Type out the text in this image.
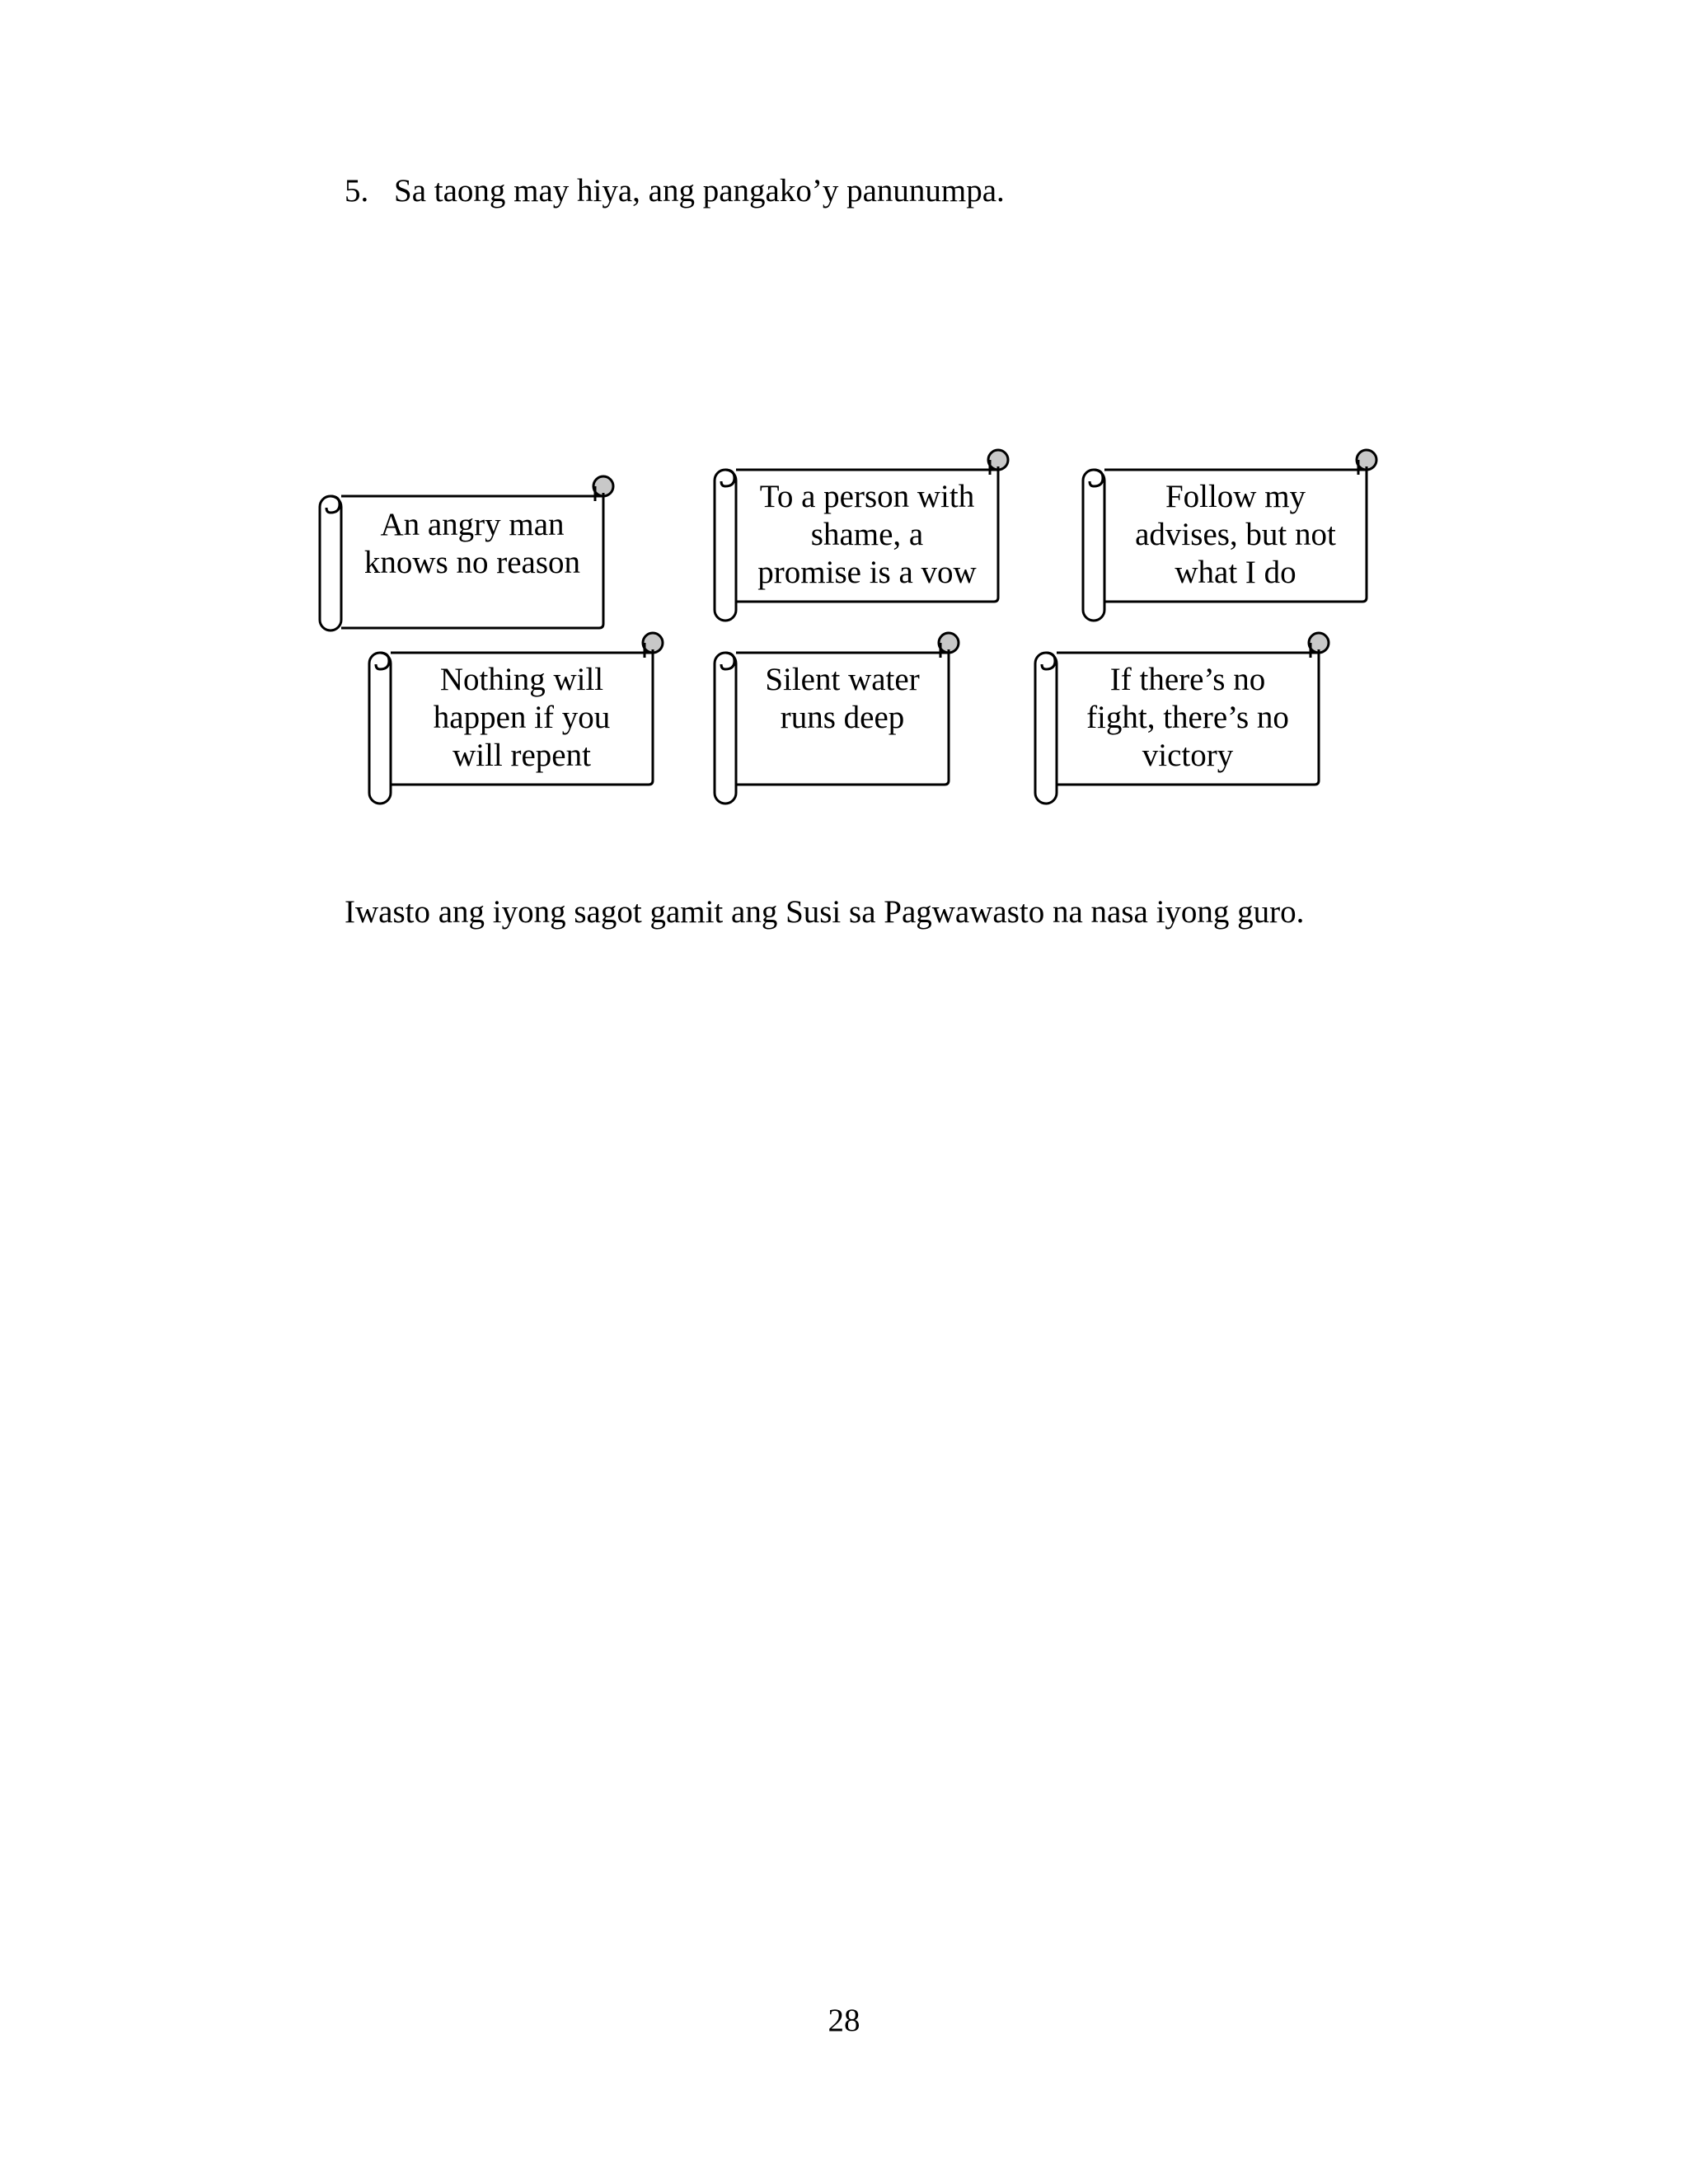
5. Sa taong may hiya, ang pangako’y panunumpa.
An angry man
knows no reason
To a person with
shame, a
promise is a vow
Follow my
advises, but not
what I do
Nothing will
happen if you
will repent
Silent water
runs deep
If there’s no
fight, there’s no
victory
Iwasto ang iyong sagot gamit ang Susi sa Pagwawasto na nasa iyong guro.
28
